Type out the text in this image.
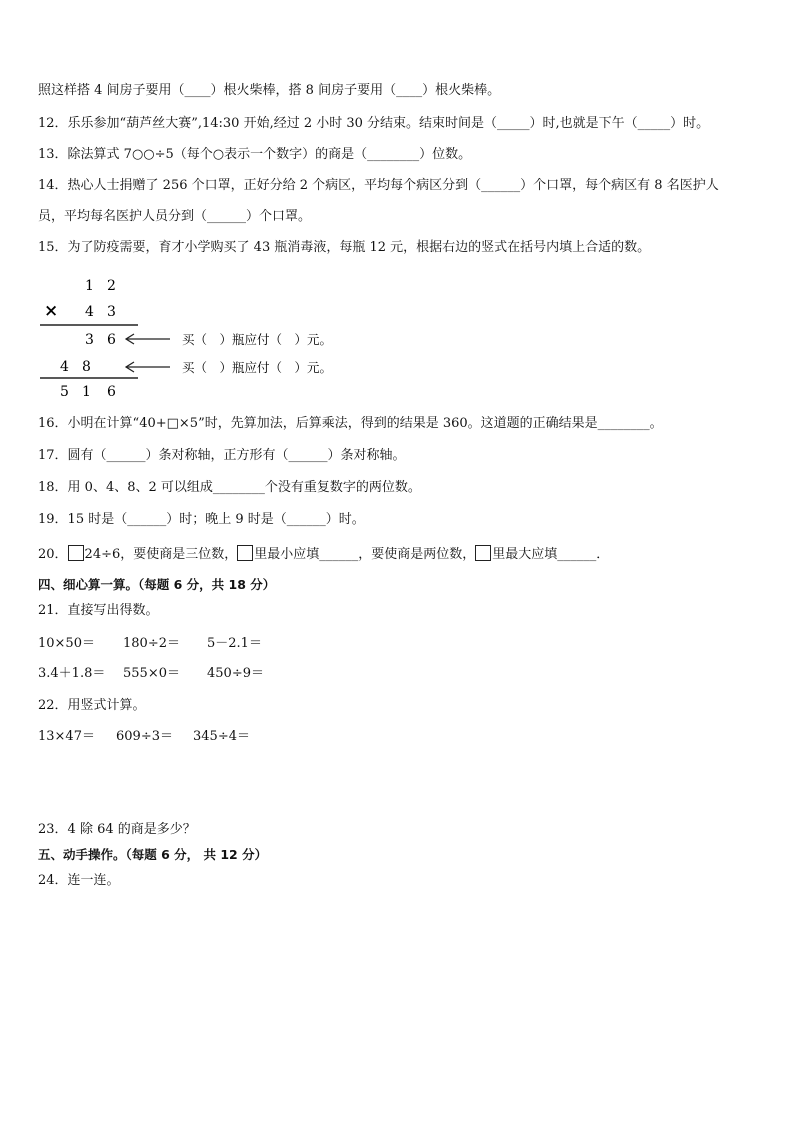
照这样搭 4 间房子要用（____）根火柴棒，搭 8 间房子要用（____）根火柴棒。
12．乐乐参加“葫芦丝大赛”,14:30 开始,经过 2 小时 30 分结束。结束时间是（_____）时,也就是下午（_____）时。
13．除法算式 7○○÷5（每个○表示一个数字）的商是（________）位数。
14．热心人士捐赠了 256 个口罩，正好分给 2 个病区，平均每个病区分到（______）个口罩，每个病区有 8 名医护人
员，平均每名医护人员分到（______）个口罩。
15．为了防疫需要，育才小学购买了 43 瓶消毒液，每瓶 12 元，根据右边的竖式在括号内填上合适的数。
1 2
× 4 3
3 6	买（　）瓶应付（　）元。
4 8	买（　）瓶应付（　）元。
5 1 6
16．小明在计算“40+□×5”时，先算加法，后算乘法，得到的结果是 360。这道题的正确结果是________。
17．圆有（______）条对称轴，正方形有（______）条对称轴。
18．用 0、4、8、2 可以组成________个没有重复数字的两位数。
19．15 时是（______）时；晚上 9 时是（______）时。
20． 24÷6，要使商是三位数， 里最小应填______，要使商是两位数， 里最大应填______．
四、细心算一算。（每题 6 分，共 18 分）
21．直接写出得数。
10×50＝ 180÷2＝ 5－2.1＝
3.4＋1.8＝ 555×0＝ 450÷9＝
22．用竖式计算。
13×47＝ 609÷3＝ 345÷4＝
23．4 除 64 的商是多少？
五、动手操作。（每题 6 分， 共 12 分）
24．连一连。
